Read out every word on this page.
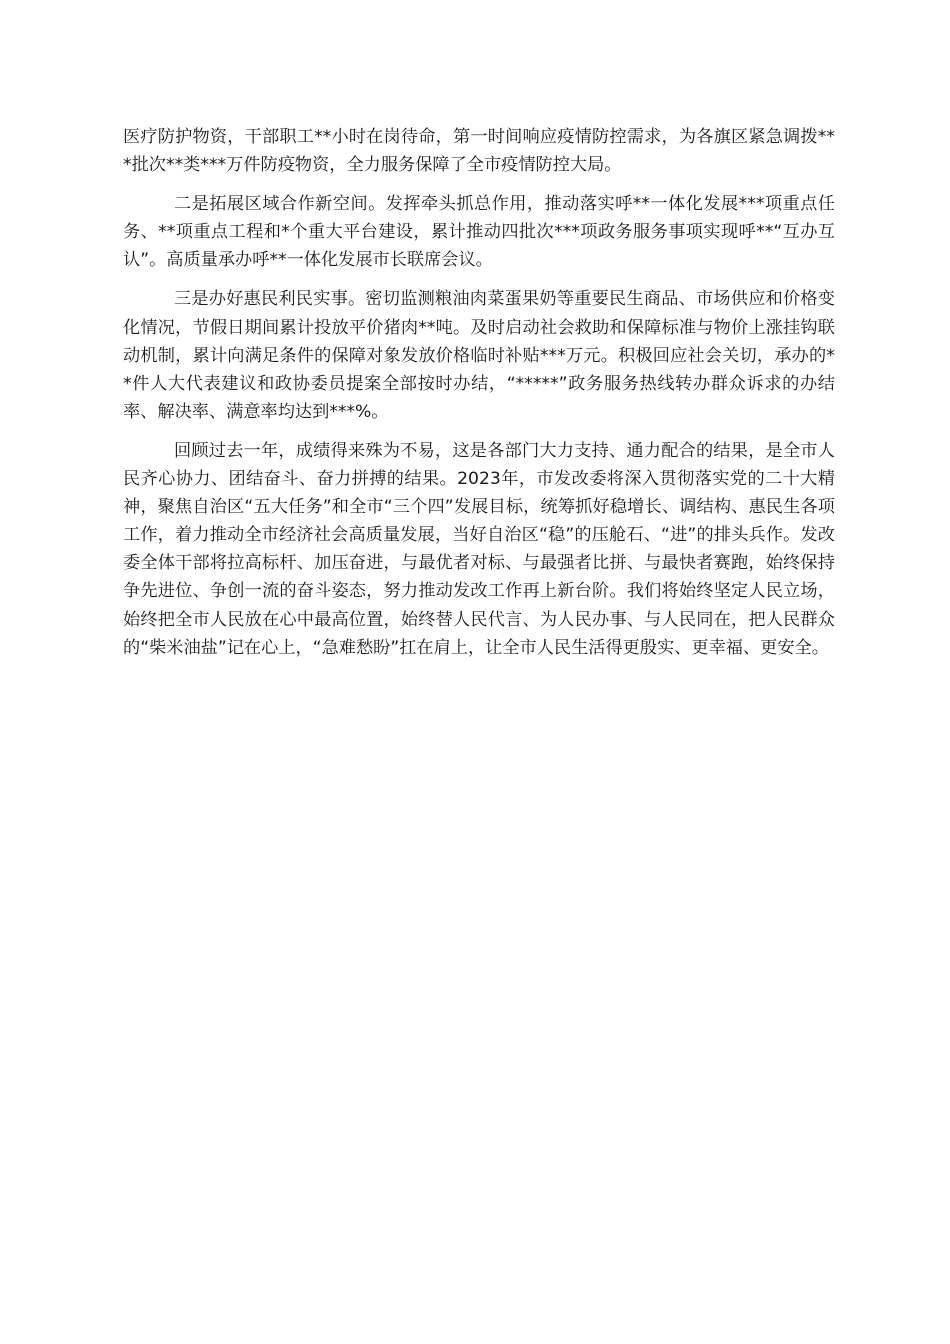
医疗防护物资，干部职工**小时在岗待命，第一时间响应疫情防控需求，为各旗区紧急调拨***批次**类***万件防疫物资，全力服务保障了全市疫情防控大局。

二是拓展区域合作新空间。发挥牵头抓总作用，推动落实呼**一体化发展***项重点任务、**项重点工程和*个重大平台建设，累计推动四批次***项政务服务事项实现呼**“互办互认”。高质量承办呼**一体化发展市长联席会议。

三是办好惠民利民实事。密切监测粮油肉菜蛋果奶等重要民生商品、市场供应和价格变化情况，节假日期间累计投放平价猪肉**吨。及时启动社会救助和保障标准与物价上涨挂钩联动机制，累计向满足条件的保障对象发放价格临时补贴***万元。积极回应社会关切，承办的**件人大代表建议和政协委员提案全部按时办结，“*****”政务服务热线转办群众诉求的办结率、解决率、满意率均达到***%。

回顾过去一年，成绩得来殊为不易，这是各部门大力支持、通力配合的结果，是全市人民齐心协力、团结奋斗、奋力拼搏的结果。2023年，市发改委将深入贯彻落实党的二十大精神，聚焦自治区“五大任务”和全市“三个四”发展目标，统筹抓好稳增长、调结构、惠民生各项工作，着力推动全市经济社会高质量发展，当好自治区“稳”的压舱石、“进”的排头兵作。发改委全体干部将拉高标杆、加压奋进，与最优者对标、与最强者比拼、与最快者赛跑，始终保持争先进位、争创一流的奋斗姿态，努力推动发改工作再上新台阶。我们将始终坚定人民立场，始终把全市人民放在心中最高位置，始终替人民代言、为人民办事、与人民同在，把人民群众的“柴米油盐”记在心上，“急难愁盼”扛在肩上，让全市人民生活得更殷实、更幸福、更安全。
